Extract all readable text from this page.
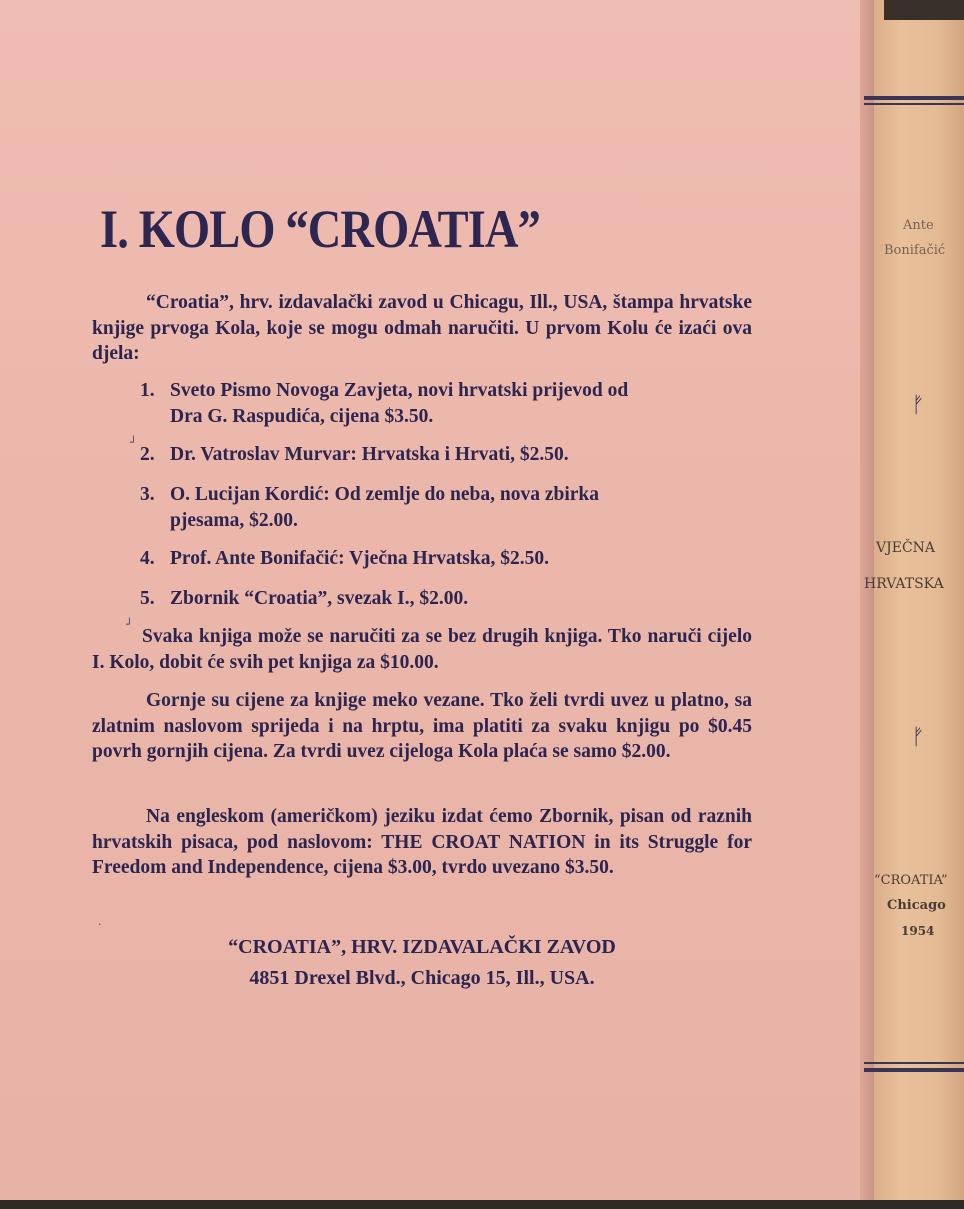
Ante
Bonifačić
ᚠ︎
VJEČNA
HRVATSKA
ᚠ︎
“CROATIA”
Chicago
1954
I. KOLO “CROATIA”

“Croatia”, hrv. izdavalački zavod u Chicagu, Ill., USA, štampa hrvatske knjige prvoga Kola, koje se mogu odmah naručiti. U prvom Kolu će izaći ova djela:

1. Sveto Pismo Novoga Zavjeta, novi hrvatski prijevod od
Dra G. Raspudića, cijena $3.50.
2. Dr. Vatroslav Murvar: Hrvatska i Hrvati, $2.50.
3. O. Lucijan Kordić: Od zemlje do neba, nova zbirka
pjesama, $2.00.
4. Prof. Ante Bonifačić: Vječna Hrvatska, $2.50.
5. Zbornik “Croatia”, svezak I., $2.00.

Svaka knjiga može se naručiti za se bez drugih knjiga. Tko naruči cijelo I. Kolo, dobit će svih pet knjiga za $10.00.

Gornje su cijene za knjige meko vezane. Tko želi tvrdi uvez u platno, sa zlatnim naslovom sprijeda i na hrptu, ima platiti za svaku knjigu po $0.45 povrh gornjih cijena. Za tvrdi uvez cijeloga Kola plaća se samo $2.00.

Na engleskom (američkom) jeziku izdat ćemo Zbornik, pisan od raznih hrvatskih pisaca, pod naslovom: THE CROAT NATION in its Struggle for Freedom and Independence, cijena $3.00, tvrdo uvezano $3.50.

“CROATIA”, HRV. IZDAVALAČKI ZAVOD
4851 Drexel Blvd., Chicago 15, Ill., USA.
┘
┘
·
